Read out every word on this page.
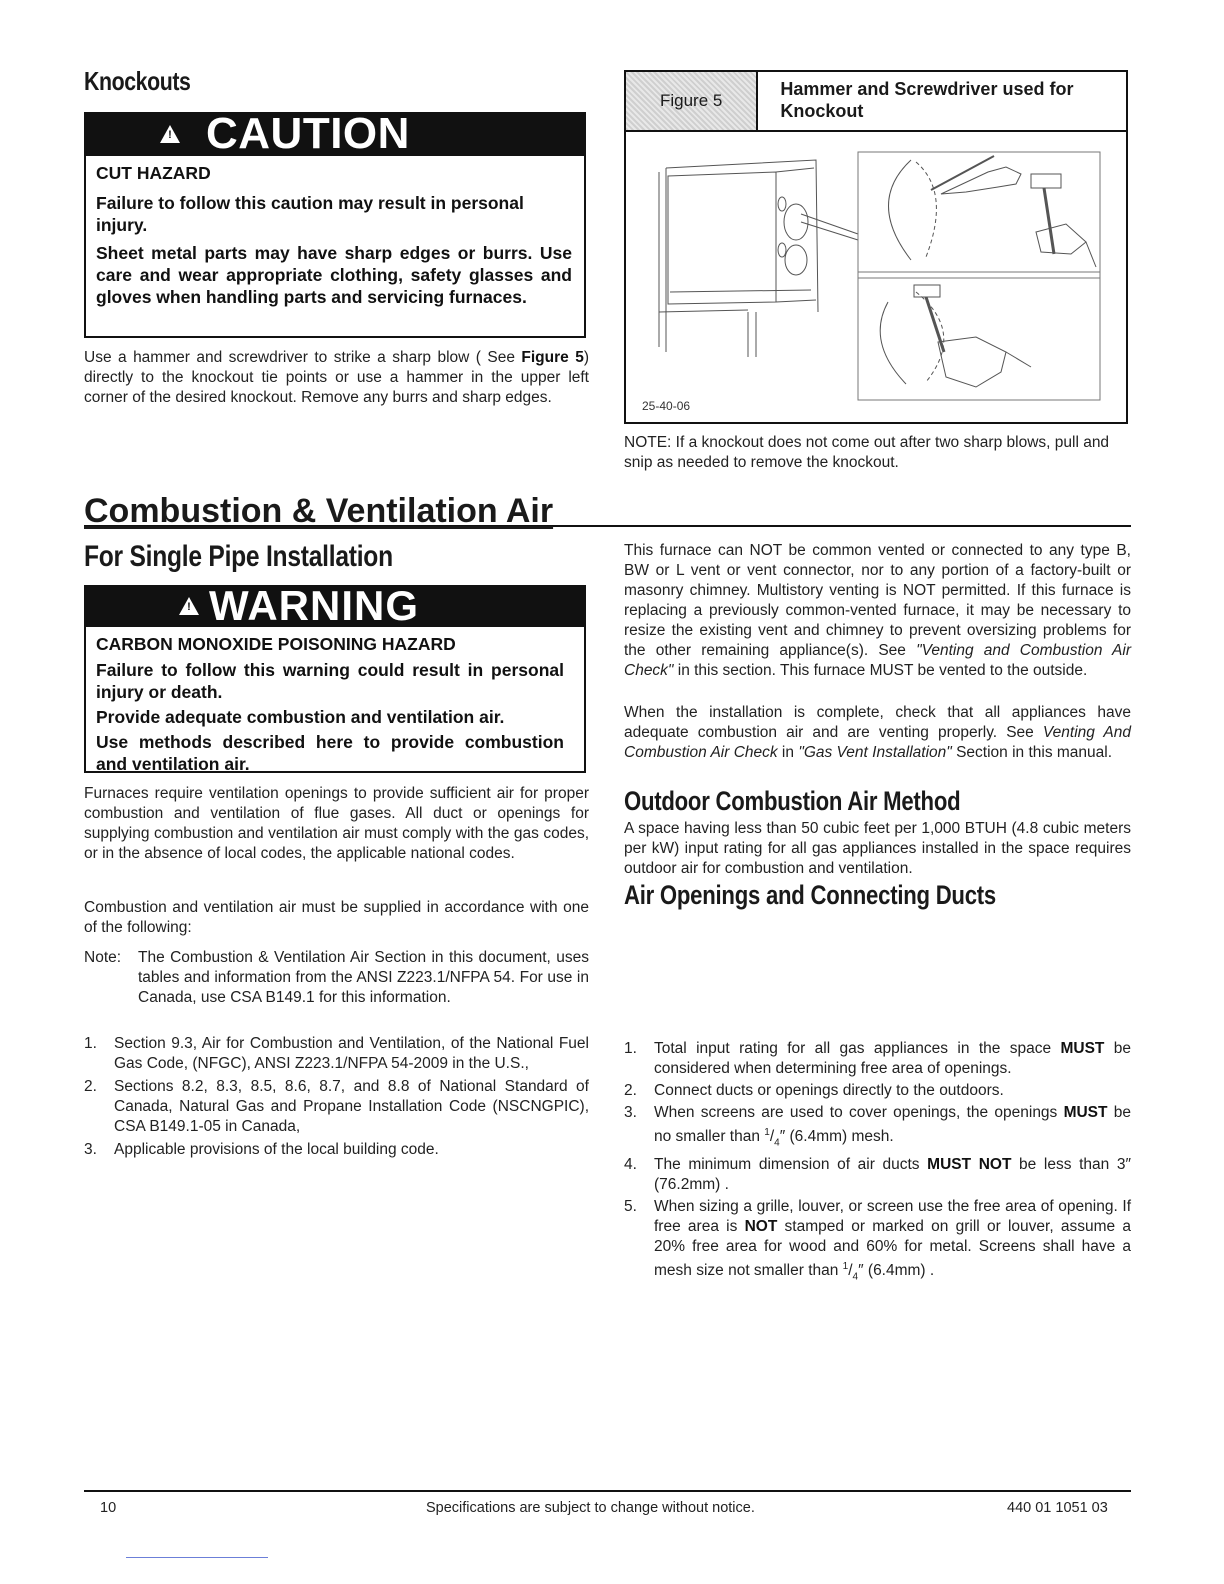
Knockouts
! CAUTION
CUT HAZARD
Failure to follow this caution may result in personal injury.
Sheet metal parts may have sharp edges or burrs. Use care and wear appropriate clothing, safety glasses and gloves when handling parts and servicing furnaces.
Use a hammer and screwdriver to strike a sharp blow ( See Figure 5) directly to the knockout tie points or use a hammer in the upper left corner of the desired knockout. Remove any burrs and sharp edges.
Figure 5
Hammer and Screwdriver used for Knockout
25-40-06
NOTE: If a knockout does not come out after two sharp blows, pull and snip as needed to remove the knockout.
Combustion & Ventilation Air
For Single Pipe Installation
! WARNING
CARBON MONOXIDE POISONING HAZARD
Failure to follow this warning could result in personal injury or death.
Provide adequate combustion and ventilation air.
Use methods described here to provide combustion and ventilation air.
Furnaces require ventilation openings to provide sufficient air for proper combustion and ventilation of flue gases. All duct or openings for supplying combustion and ventilation air must comply with the gas codes, or in the absence of local codes, the applicable national codes.
Combustion and ventilation air must be supplied in accordance with one of the following:
Note:	The Combustion & Ventilation Air Section in this document, uses tables and information from the ANSI Z223.1/NFPA 54. For use in Canada, use CSA B149.1 for this information.
1.	Section 9.3, Air for Combustion and Ventilation, of the National Fuel Gas Code, (NFGC), ANSI Z223.1/NFPA 54-2009 in the U.S.,
2.	Sections 8.2, 8.3, 8.5, 8.6, 8.7, and 8.8 of National Standard of Canada, Natural Gas and Propane Installation Code (NSCNGPIC), CSA B149.1-05 in Canada,
3.	Applicable provisions of the local building code.
This furnace can NOT be common vented or connected to any type B, BW or L vent or vent connector, nor to any portion of a factory-built or masonry chimney. Multistory venting is NOT permitted. If this furnace is replacing a previously common-vented furnace, it may be necessary to resize the existing vent and chimney to prevent oversizing problems for the other remaining appliance(s). See "Venting and Combustion Air Check" in this section. This furnace MUST be vented to the outside.
When the installation is complete, check that all appliances have adequate combustion air and are venting properly. See Venting And Combustion Air Check in "Gas Vent Installation" Section in this manual.
Outdoor Combustion Air Method
A space having less than 50 cubic feet per 1,000 BTUH (4.8 cubic meters per kW) input rating for all gas appliances installed in the space requires outdoor air for combustion and ventilation.
Air Openings and Connecting Ducts
1.	Total input rating for all gas appliances in the space MUST be considered when determining free area of openings.
2.	Connect ducts or openings directly to the outdoors.
3.	When screens are used to cover openings, the openings MUST be no smaller than $^1/_4''$ (6.4mm) mesh.
4.	The minimum dimension of air ducts MUST NOT be less than 3″ (76.2mm) .
5.	When sizing a grille, louver, or screen use the free area of opening. If free area is NOT stamped or marked on grill or louver, assume a 20% free area for wood and 60% for metal. Screens shall have a mesh size not smaller than $^1/_4''$ (6.4mm) .
10	Specifications are subject to change without notice.	440 01 1051 03
